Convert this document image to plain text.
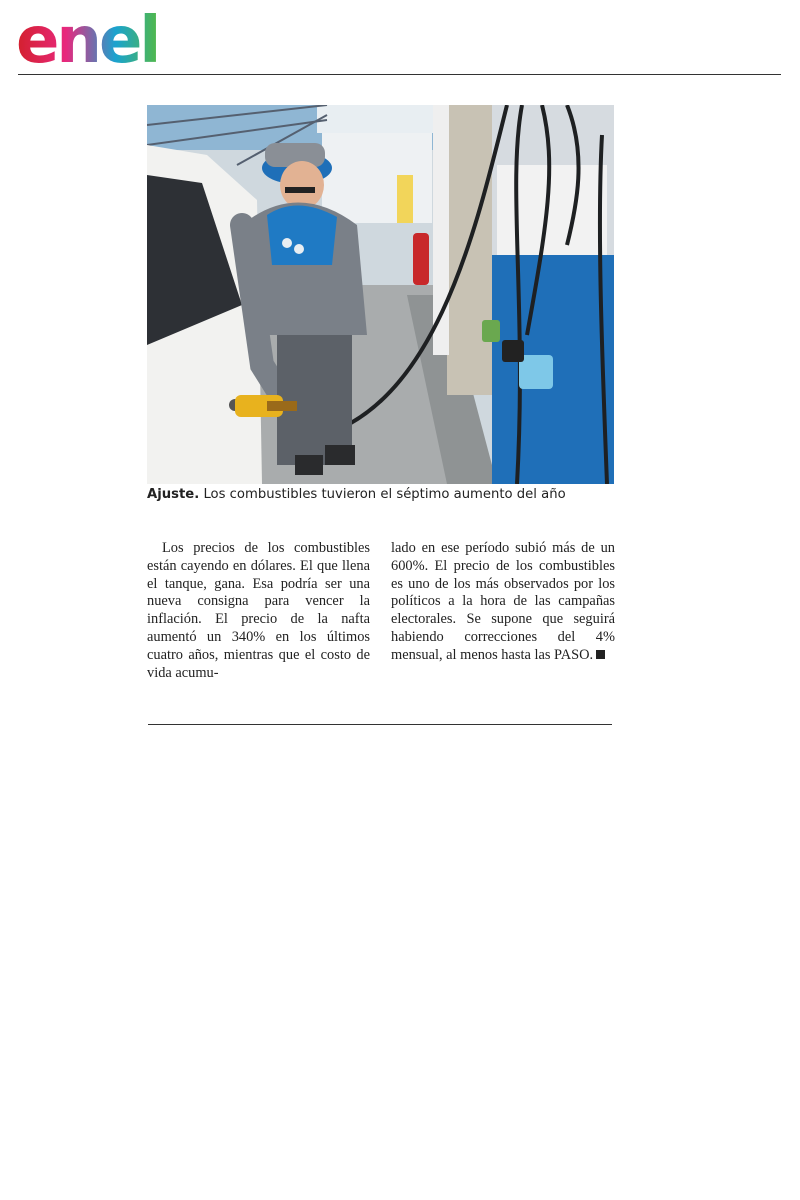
enel
Ajuste. Los combustibles tuvieron el séptimo aumento del año
Los precios de los combustibles están cayendo en dólares. El que llena el tanque, gana. Esa podría ser una nueva consigna para vencer la inflación. El precio de la nafta aumentó un 340% en los últimos cuatro años, mientras que el costo de vida acumu-
lado en ese período subió más de un 600%. El precio de los combustibles es uno de los más observados por los políticos a la hora de las campañas electorales. Se supone que seguirá habiendo correcciones del 4% mensual, al menos hasta las PASO.
